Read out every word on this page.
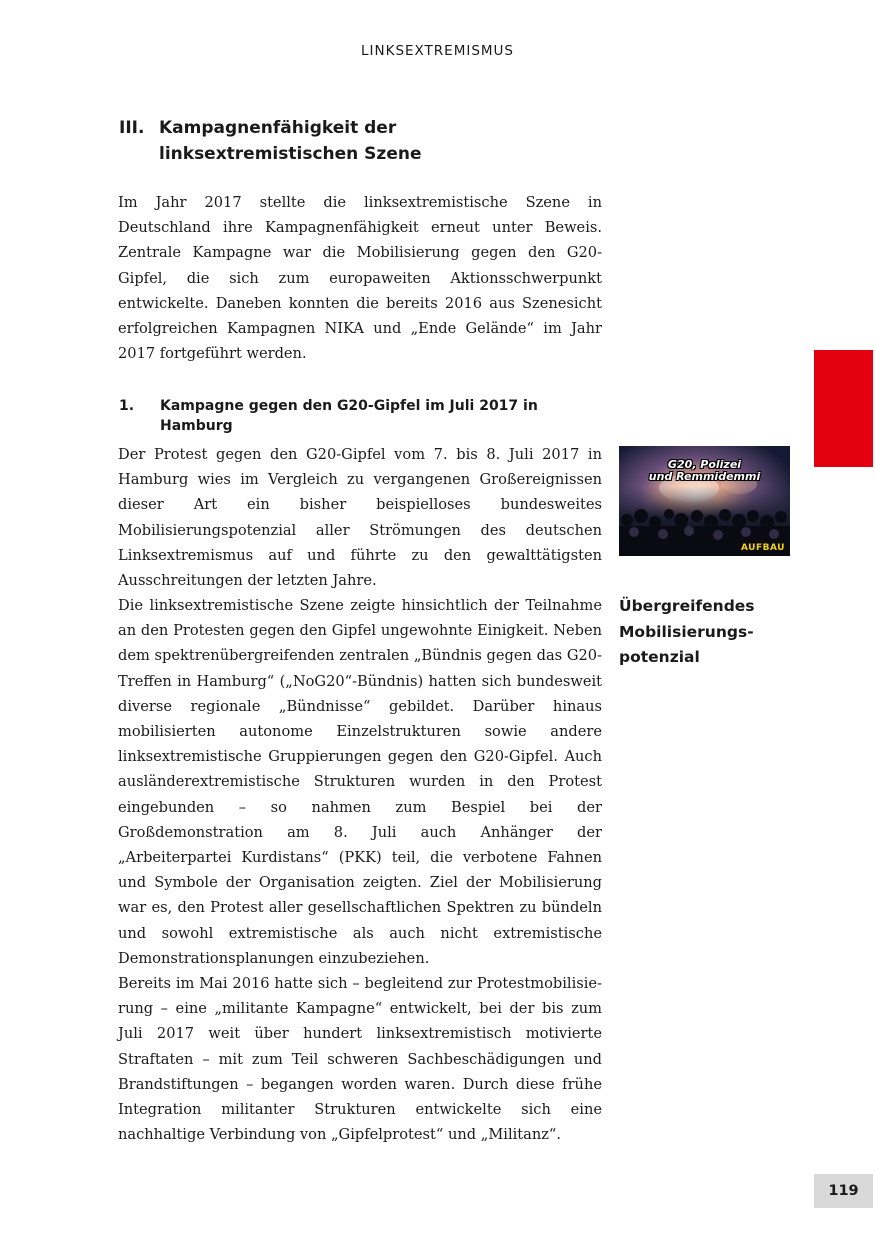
LINKSEXTREMISMUS
III. Kampagnenfähigkeit der linksextremistischen Szene

Im Jahr 2017 stellte die linksextremistische Szene in Deutschland ihre Kampagnenfähigkeit erneut unter Beweis. Zentrale Kampagne war die Mobilisierung gegen den G20-Gipfel, die sich zum europaweiten Aktionsschwerpunkt entwickelte. Daneben konnten die bereits 2016 aus Szenesicht erfolgreichen Kampagnen NIKA und „Ende Gelände“ im Jahr 2017 fortgeführt werden.

1.	Kampagne gegen den G20-Gipfel im Juli 2017 in Hamburg

Der Protest gegen den G20-Gipfel vom 7. bis 8. Juli 2017 in Hamburg wies im Vergleich zu vergangenen Großereignissen dieser Art ein bisher beispielloses bundesweites Mobilisierungspotenzial aller Strömungen des deutschen Linksextremismus auf und führte zu den gewalttätigsten Ausschreitungen der letzten Jahre.

G20, Polizei
und Remmidemmi
AUFBAU

Die linksextremistische Szene zeigte hinsichtlich der Teilnahme an den Protesten gegen den Gipfel ungewohnte Einigkeit. Neben dem spektrenübergreifenden zentralen „Bündnis gegen das G20-Treffen in Hamburg“ („NoG20“-Bündnis) hatten sich bundesweit diverse regionale „Bündnisse“ gebildet. Darüber hinaus mobilisierten autonome Einzelstrukturen sowie andere linksextremistische Gruppierungen gegen den G20-Gipfel. Auch ausländerextremistische Strukturen wurden in den Protest eingebunden – so nahmen zum Bespiel bei der Großdemonstration am 8. Juli auch Anhänger der „Arbeiterpartei Kurdistans“ (PKK) teil, die verbotene Fahnen und Symbole der Organisation zeigten. Ziel der Mobilisierung war es, den Protest aller gesellschaftlichen Spektren zu bündeln und sowohl extremistische als auch nicht extremistische Demonstrationsplanungen einzubeziehen.

Übergreifendes
Mobilisierungs-
potenzial

Bereits im Mai 2016 hatte sich – begleitend zur Protestmobilisierung – eine „militante Kampagne“ entwickelt, bei der bis zum Juli 2017 weit über hundert linksextremistisch motivierte Straftaten – mit zum Teil schweren Sachbeschädigungen und Brandstiftungen – begangen worden waren. Durch diese frühe Integration militanter Strukturen entwickelte sich eine nachhaltige Verbindung von „Gipfelprotest“ und „Militanz“.

119
